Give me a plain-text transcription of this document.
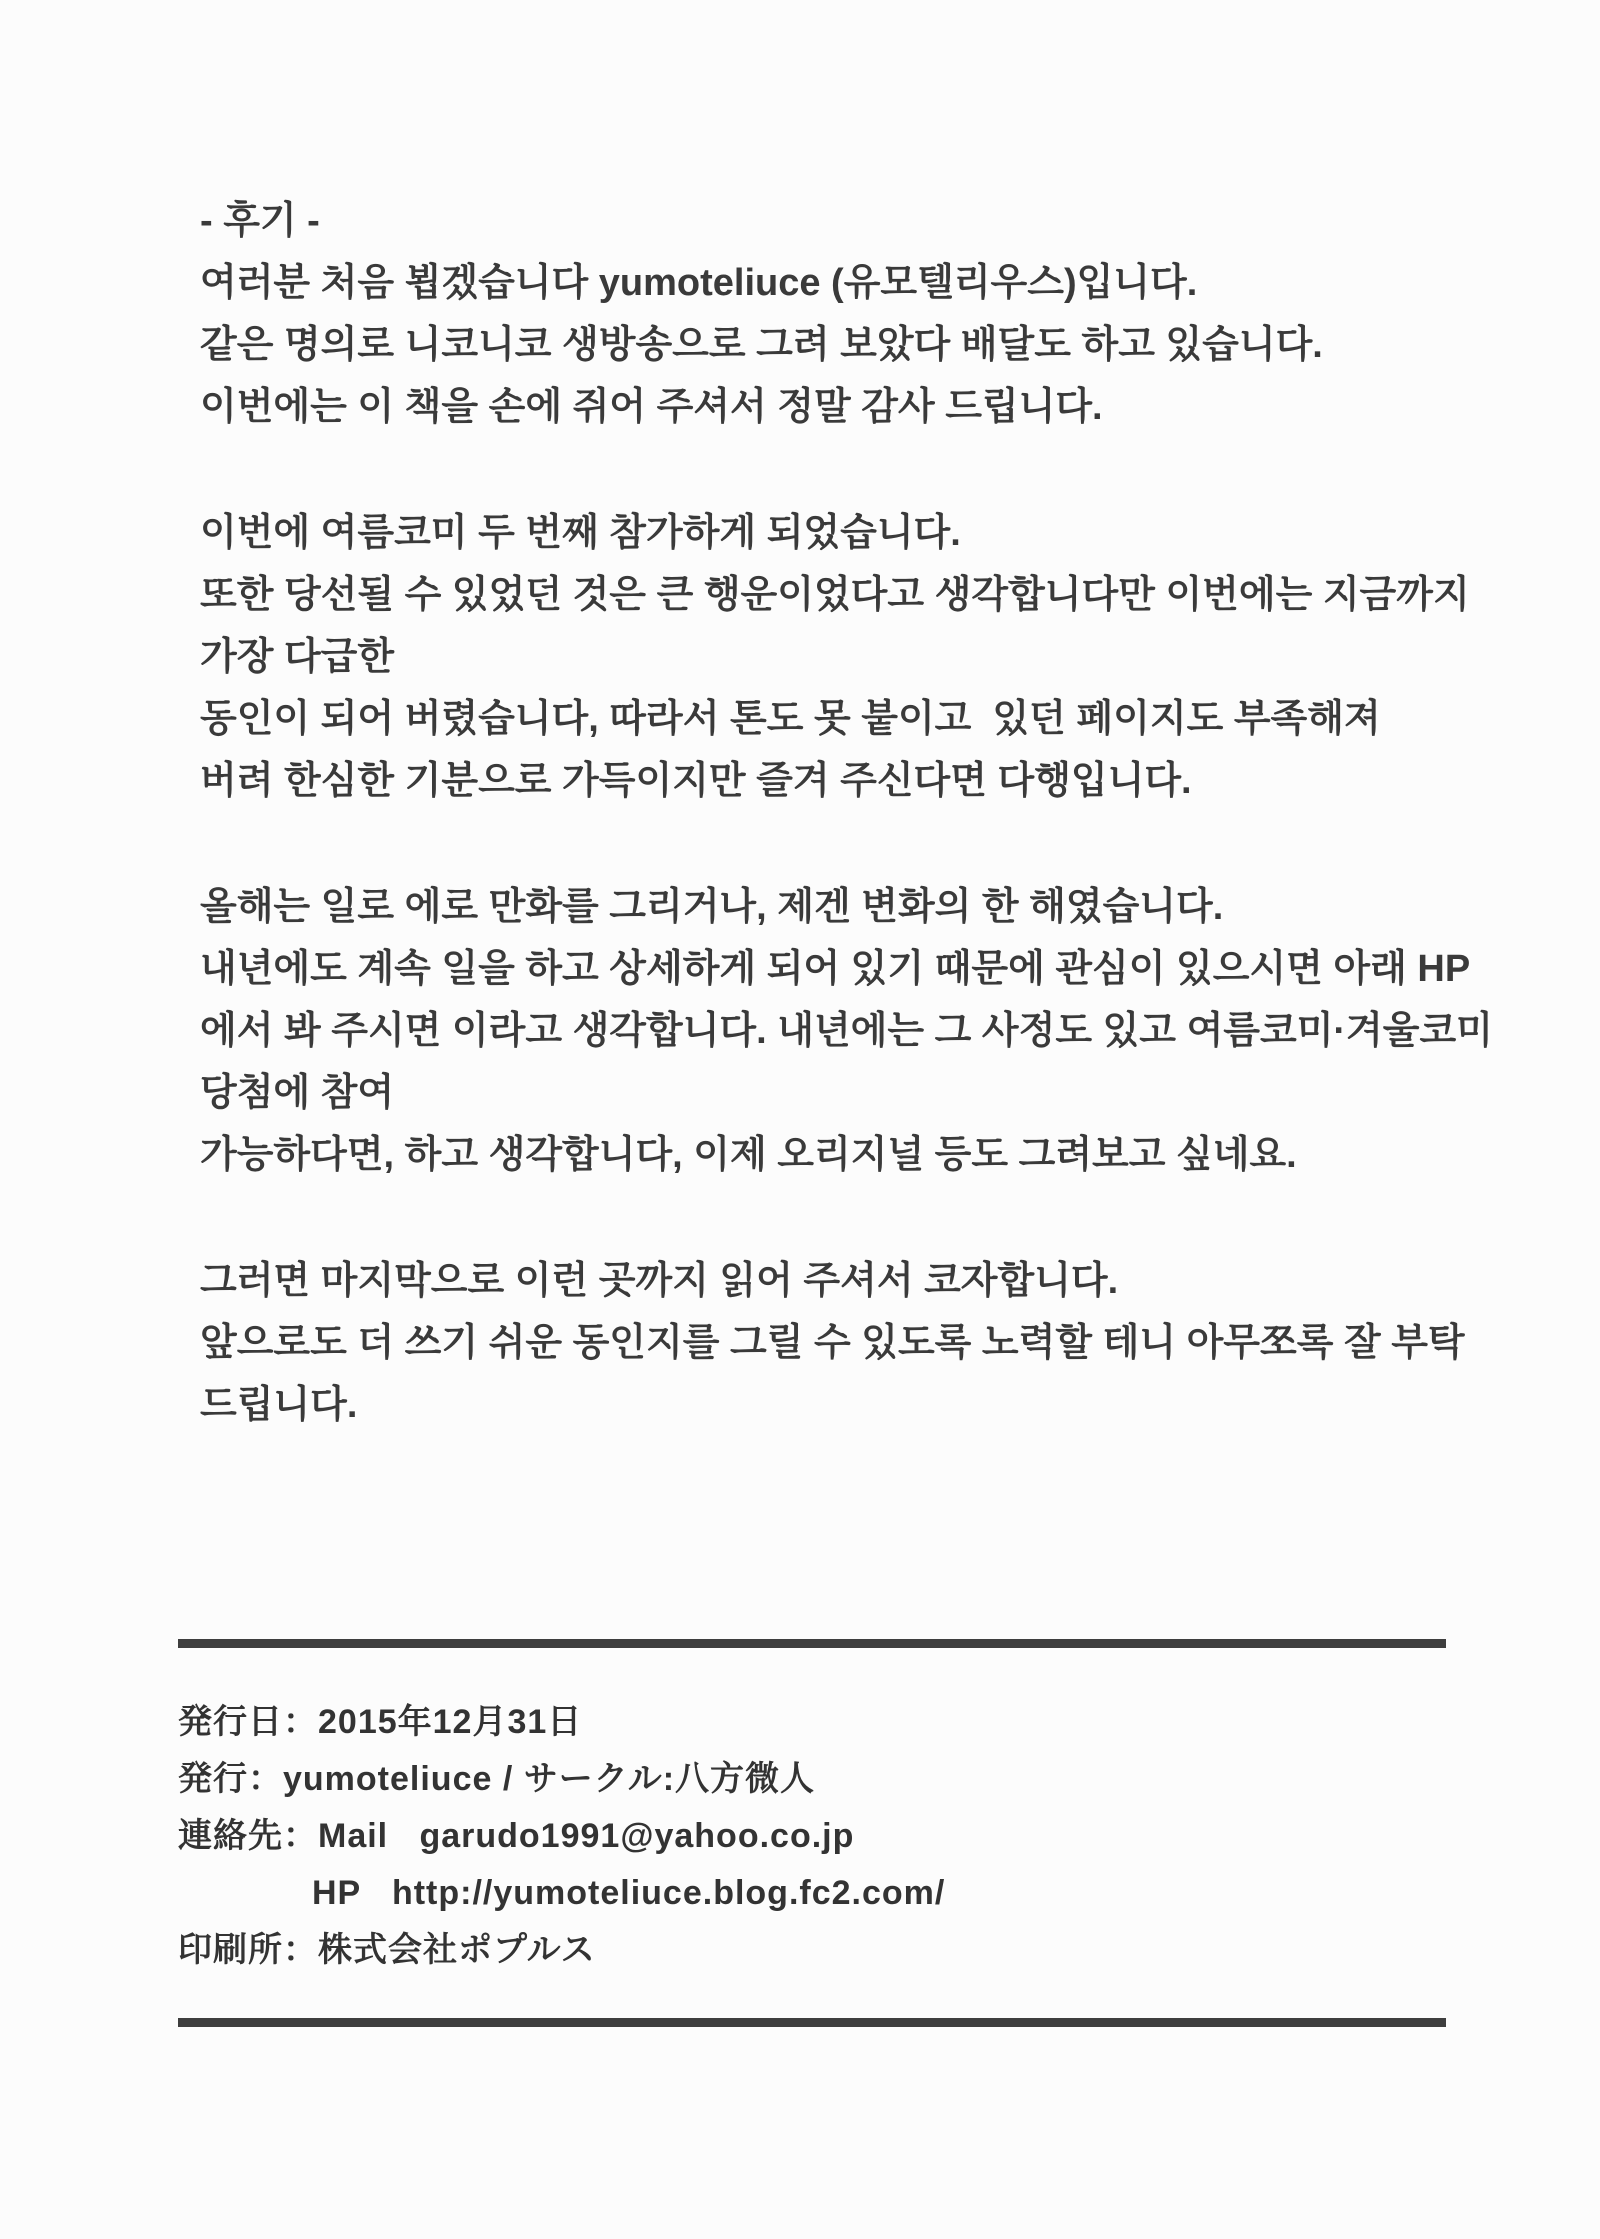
- 후기 -
여러분 처음 뵙겠습니다 yumoteliuce (유모텔리우스)입니다.
같은 명의로 니코니코 생방송으로 그려 보았다 배달도 하고 있습니다.
이번에는 이 책을 손에 쥐어 주셔서 정말 감사 드립니다.
이번에 여름코미 두 번째 참가하게 되었습니다.
또한 당선될 수 있었던 것은 큰 행운이었다고 생각합니다만 이번에는 지금까지 가장 다급한
동인이 되어 버렸습니다, 따라서 톤도 못 붙이고  있던 페이지도 부족해져
버려 한심한 기분으로 가득이지만 즐겨 주신다면 다행입니다.
올해는 일로 에로 만화를 그리거나, 제겐 변화의 한 해였습니다.
내년에도 계속 일을 하고 상세하게 되어 있기 때문에 관심이 있으시면 아래 HP
에서 봐 주시면 이라고 생각합니다. 내년에는 그 사정도 있고 여름코미·겨울코미 당첨에 참여
가능하다면, 하고 생각합니다, 이제 오리지널 등도 그려보고 싶네요.
그러면 마지막으로 이런 곳까지 읽어 주셔서 코자합니다.
앞으로도 더 쓰기 쉬운 동인지를 그릴 수 있도록 노력할 테니 아무쪼록 잘 부탁드립니다.
発行日：2015年12月31日
発行：yumoteliuce / サークル:八方微人
連絡先：Mail   garudo1991@yahoo.co.jp
HP   http://yumoteliuce.blog.fc2.com/
印刷所：株式会社ポプルス
